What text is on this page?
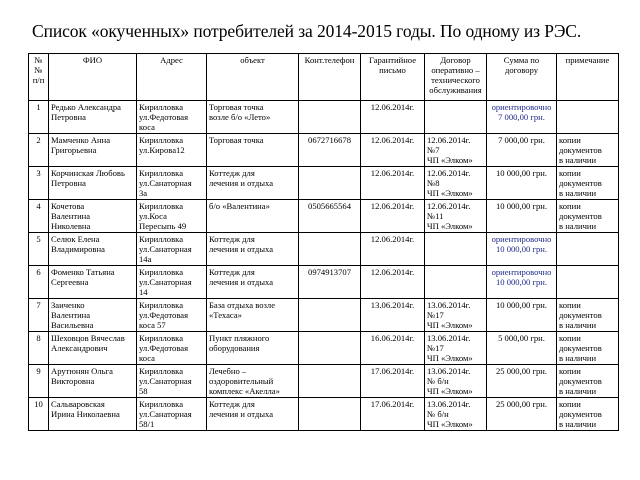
Список «окученных» потребителей за 2014-2015 годы. По одному из РЭС.
№№
п/п	ФИО	Адрес	объект	Конт.телефон	Гарантийное
письмо	Договор
оперативно –
технического
обслуживания	Сумма по
договору	примечание
1	Редько Александра
Петровна	Кирилловка
ул.Федотовая
коса	Торговая точка
возле б/о «Лето»		12.06.2014г.		ориентировочно
7 000,00 грн.	
2	Мамченко Анна
Григорьевна	Кирилловка
ул.Кирова12	Торговая точка	0672716678	12.06.2014г.	12.06.2014г.
№7
ЧП «Элком»	7 000,00 грн.	копии
документов
в наличии
3	Корчинская Любовь
Петровна	Кирилловка
ул.Санаторная
3а	Коттедж для
лечения и отдыха		12.06.2014г.	12.06.2014г.
№8
ЧП «Элком»	10 000,00 грн.	копии
документов
в наличии
4	Кочетова
Валентина
Николевна	Кирилловка
ул.Коса
Пересыпь 49	б/о «Валентина»	0505665564	12.06.2014г.	12.06.2014г.
№11
ЧП «Элком»	10 000,00 грн.	копии
документов
в наличии
5	Селюк Елена
Владимировна	Кирилловка
ул.Санаторная
14а	Коттедж для
лечения и отдыха		12.06.2014г.		ориентировочно
10 000,00 грн.	
6	Фоменко Татьяна
Сергеевна	Кирилловка
ул.Санаторная
14	Коттедж для
лечения и отдыха	0974913707	12.06.2014г.		ориентировочно
10 000,00 грн.	
7	Заиченко
Валентина
Васильевна	Кирилловка
ул.Федотовая
коса 57	База отдыха возле
«Техаса»		13.06.2014г.	13.06.2014г.
№17
ЧП «Элком»	10 000,00 грн.	копии
документов
в наличии
8	Шеховцов Вячеслав
Александрович	Кирилловка
ул.Федотовая
коса	Пункт пляжного
оборудования		16.06.2014г.	13.06.2014г.
№17
ЧП «Элком»	5 000,00 грн.	копии
документов
в наличии
9	Арутюнян Ольга
Викторовна	Кирилловка
ул.Санаторная
58	Лечебно –
оздоровительный
комплекс «Акелла»		17.06.2014г.	13.06.2014г.
№ б/н
ЧП «Элком»	25 000,00 грн.	копии
документов
в наличии
10	Сальваровская
Ирина Николаевна	Кирилловка
ул.Санаторная
58/1	Коттедж для
лечения и отдыха		17.06.2014г.	13.06.2014г.
№ б/н
ЧП «Элком»	25 000,00 грн.	копии
документов
в наличии
